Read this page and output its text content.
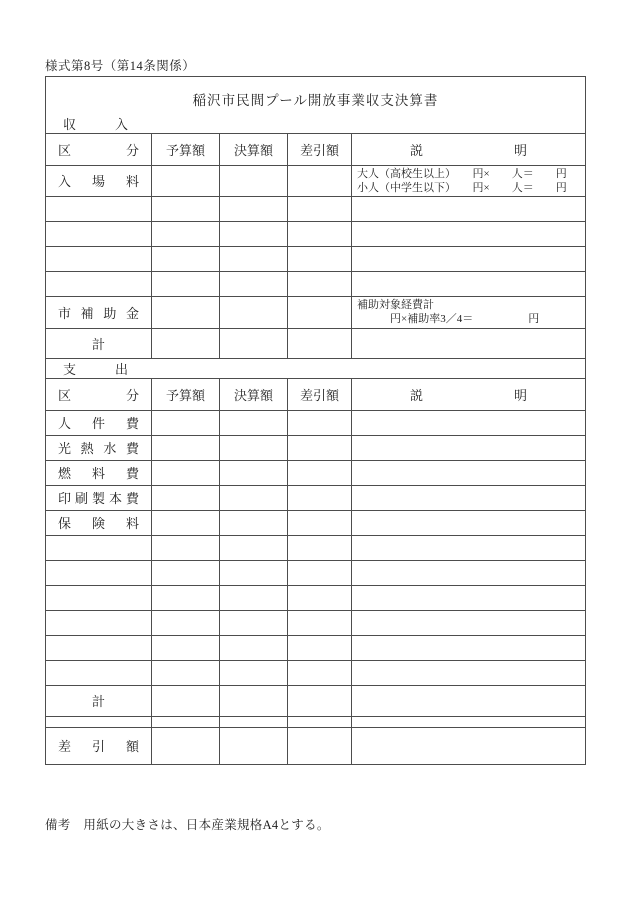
様式第8号（第14条関係）
稲沢市民間プール開放事業収支決算書				
収　　　入				
区分	予算額	決算額	差引額	説　　　　　　　明
入場料				大人（高校生以上）　　円×　　人＝　　円
小人（中学生以下）　　円×　　人＝　　円

市補助金				補助対象経費計
　　　円×補助率3／4＝　　　　　円

計				
支　　　出				
区分	予算額	決算額	差引額	説　　　　　　　明
人件費				
光熱水費				
燃料費				
印刷製本費				
保険料				

計				

差引額				
備考　用紙の大きさは、日本産業規格A4とする。
